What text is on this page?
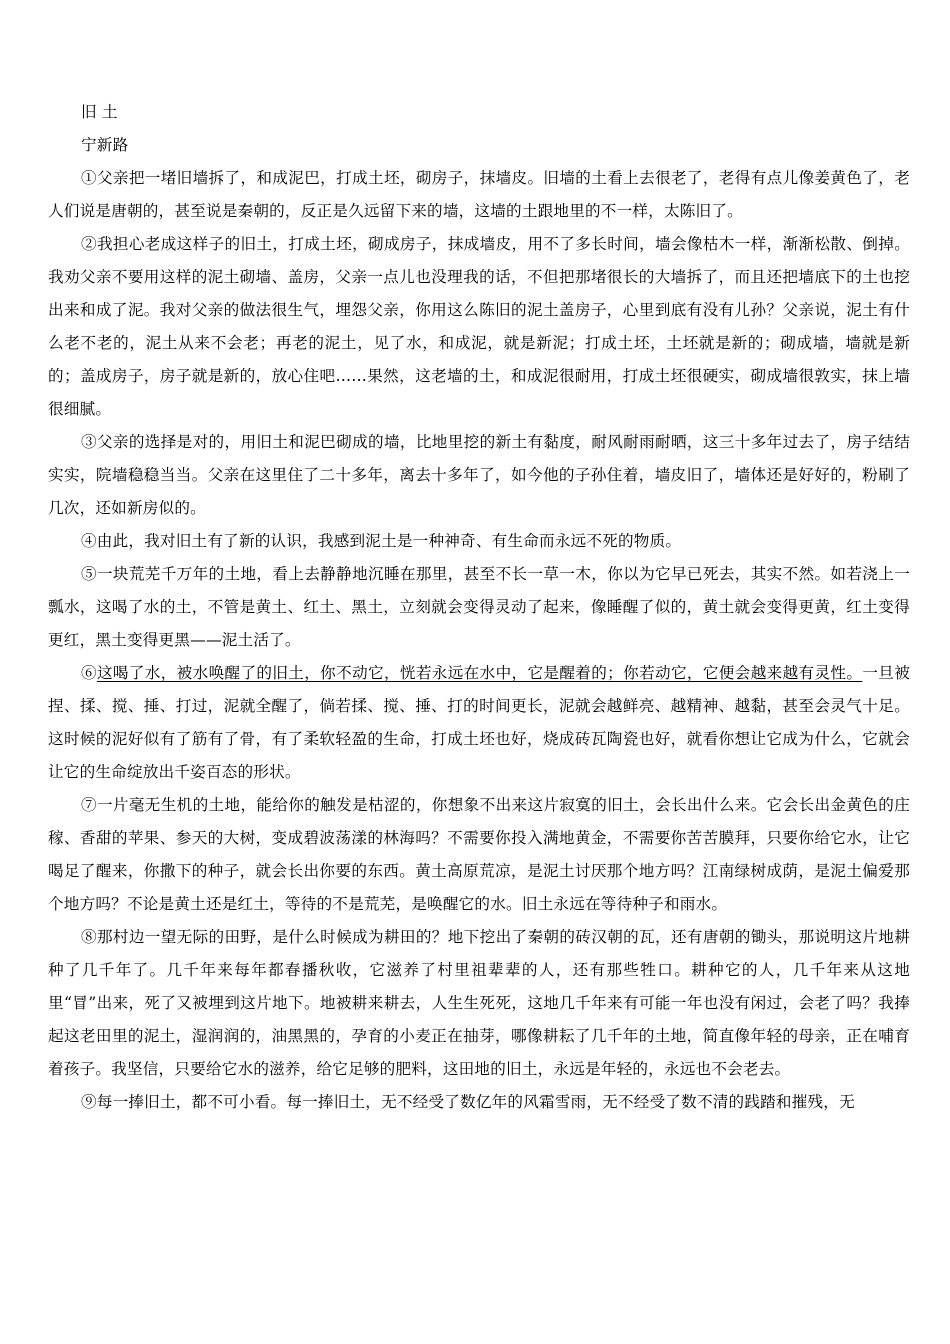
旧 土

宁新路

①父亲把一堵旧墙拆了，和成泥巴，打成土坯，砌房子，抹墙皮。旧墙的土看上去很老了，老得有点儿像姜黄色了，老人们说是唐朝的，甚至说是秦朝的，反正是久远留下来的墙，这墙的土跟地里的不一样，太陈旧了。

②我担心老成这样子的旧土，打成土坯，砌成房子，抹成墙皮，用不了多长时间，墙会像枯木一样，渐渐松散、倒掉。我劝父亲不要用这样的泥土砌墙、盖房，父亲一点儿也没理我的话，不但把那堵很长的大墙拆了，而且还把墙底下的土也挖出来和成了泥。我对父亲的做法很生气，埋怨父亲，你用这么陈旧的泥土盖房子，心里到底有没有儿孙？父亲说，泥土有什么老不老的，泥土从来不会老；再老的泥土，见了水，和成泥，就是新泥；打成土坯，土坯就是新的；砌成墙，墙就是新的；盖成房子，房子就是新的，放心住吧……果然，这老墙的土，和成泥很耐用，打成土坯很硬实，砌成墙很敦实，抹上墙很细腻。

③父亲的选择是对的，用旧土和泥巴砌成的墙，比地里挖的新土有黏度，耐风耐雨耐晒，这三十多年过去了，房子结结实实，院墙稳稳当当。父亲在这里住了二十多年，离去十多年了，如今他的子孙住着，墙皮旧了，墙体还是好好的，粉刷了几次，还如新房似的。

④由此，我对旧土有了新的认识，我感到泥土是一种神奇、有生命而永远不死的物质。

⑤一块荒芜千万年的土地，看上去静静地沉睡在那里，甚至不长一草一木，你以为它早已死去，其实不然。如若浇上一瓢水，这喝了水的土，不管是黄土、红土、黑土，立刻就会变得灵动了起来，像睡醒了似的，黄土就会变得更黄，红土变得更红，黑土变得更黑——泥土活了。

⑥这喝了水，被水唤醒了的旧土，你不动它，恍若永远在水中，它是醒着的；你若动它，它便会越来越有灵性。一旦被捏、揉、搅、捶、打过，泥就全醒了，倘若揉、搅、捶、打的时间更长，泥就会越鲜亮、越精神、越黏，甚至会灵气十足。这时候的泥好似有了筋有了骨，有了柔软轻盈的生命，打成土坯也好，烧成砖瓦陶瓷也好，就看你想让它成为什么，它就会让它的生命绽放出千姿百态的形状。

⑦一片毫无生机的土地，能给你的触发是枯涩的，你想象不出来这片寂寞的旧土，会长出什么来。它会长出金黄色的庄稼、香甜的苹果、参天的大树，变成碧波荡漾的林海吗？不需要你投入满地黄金，不需要你苦苦膜拜，只要你给它水，让它喝足了醒来，你撒下的种子，就会长出你要的东西。黄土高原荒凉，是泥土讨厌那个地方吗？江南绿树成荫，是泥土偏爱那个地方吗？不论是黄土还是红土，等待的不是荒芜，是唤醒它的水。旧土永远在等待种子和雨水。

⑧那村边一望无际的田野，是什么时候成为耕田的？地下挖出了秦朝的砖汉朝的瓦，还有唐朝的锄头，那说明这片地耕种了几千年了。几千年来每年都春播秋收，它滋养了村里祖辈辈的人，还有那些牲口。耕种它的人，几千年来从这地里“冒”出来，死了又被埋到这片地下。地被耕来耕去，人生生死死，这地几千年来有可能一年也没有闲过，会老了吗？我捧起这老田里的泥土，湿润润的，油黑黑的，孕育的小麦正在抽芽，哪像耕耘了几千年的土地，简直像年轻的母亲，正在哺育着孩子。我坚信，只要给它水的滋养，给它足够的肥料，这田地的旧土，永远是年轻的，永远也不会老去。

⑨每一捧旧土，都不可小看。每一捧旧土，无不经受了数亿年的风霜雪雨，无不经受了数不清的践踏和摧残，无
